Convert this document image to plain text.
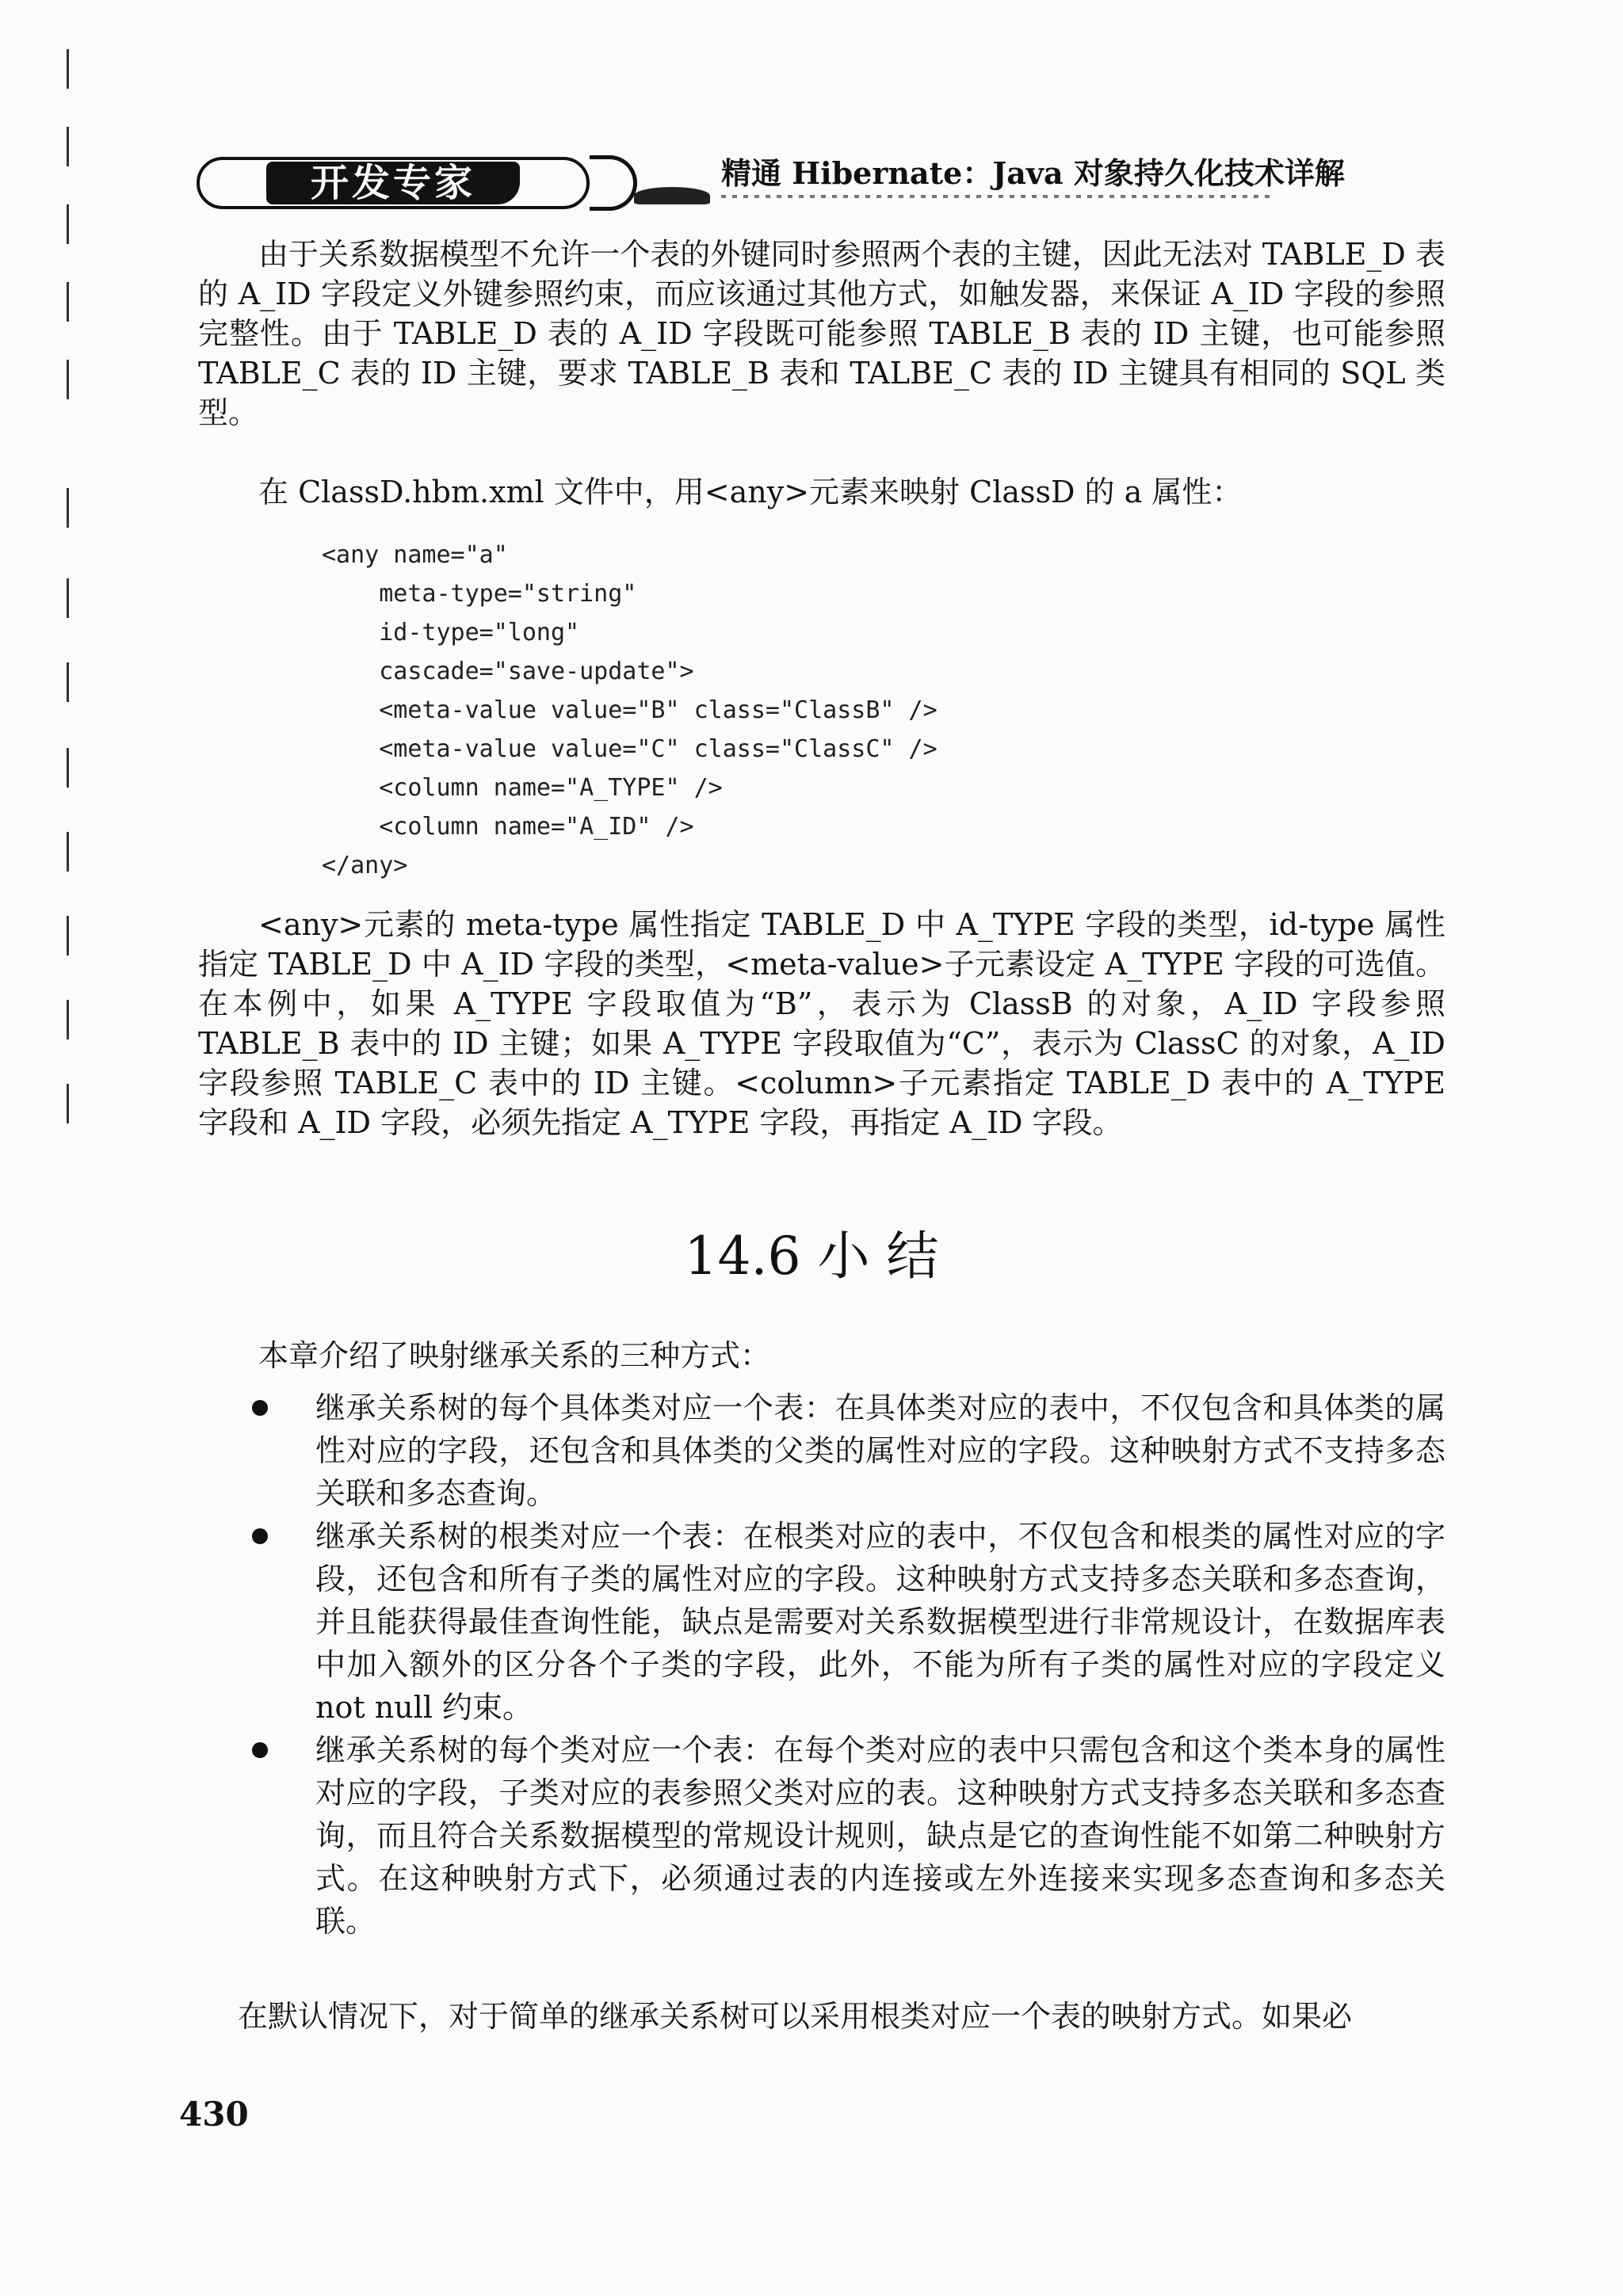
开发专家	精通 Hibernate：Java 对象持久化技术详解
由于关系数据模型不允许一个表的外键同时参照两个表的主键，因此无法对 TABLE_D 表的 A_ID 字段定义外键参照约束，而应该通过其他方式，如触发器，来保证 A_ID 字段的参照完整性。由于 TABLE_D 表的 A_ID 字段既可能参照 TABLE_B 表的 ID 主键，也可能参照 TABLE_C 表的 ID 主键，要求 TABLE_B 表和 TALBE_C 表的 ID 主键具有相同的 SQL 类型。
在 ClassD.hbm.xml 文件中，用<any>元素来映射 ClassD 的 a 属性：
<any name="a"
meta-type="string"
id-type="long"
cascade="save-update">
<meta-value value="B" class="ClassB" />
<meta-value value="C" class="ClassC" />
<column name="A_TYPE" />
<column name="A_ID" />
</any>
<any>元素的 meta-type 属性指定 TABLE_D 中 A_TYPE 字段的类型，id-type 属性指定 TABLE_D 中 A_ID 字段的类型，<meta-value>子元素设定 A_TYPE 字段的可选值。在本例中，如果 A_TYPE 字段取值为“B”，表示为 ClassB 的对象，A_ID 字段参照 TABLE_B 表中的 ID 主键；如果 A_TYPE 字段取值为“C”，表示为 ClassC 的对象，A_ID 字段参照 TABLE_C 表中的 ID 主键。<column>子元素指定 TABLE_D 表中的 A_TYPE 字段和 A_ID 字段，必须先指定 A_TYPE 字段，再指定 A_ID 字段。
14.6 小 结
本章介绍了映射继承关系的三种方式：
继承关系树的每个具体类对应一个表：在具体类对应的表中，不仅包含和具体类的属性对应的字段，还包含和具体类的父类的属性对应的字段。这种映射方式不支持多态关联和多态查询。
继承关系树的根类对应一个表：在根类对应的表中，不仅包含和根类的属性对应的字段，还包含和所有子类的属性对应的字段。这种映射方式支持多态关联和多态查询，并且能获得最佳查询性能，缺点是需要对关系数据模型进行非常规设计，在数据库表中加入额外的区分各个子类的字段，此外，不能为所有子类的属性对应的字段定义 not null 约束。
继承关系树的每个类对应一个表：在每个类对应的表中只需包含和这个类本身的属性对应的字段，子类对应的表参照父类对应的表。这种映射方式支持多态关联和多态查询，而且符合关系数据模型的常规设计规则，缺点是它的查询性能不如第二种映射方式。在这种映射方式下，必须通过表的内连接或左外连接来实现多态查询和多态关联。
在默认情况下，对于简单的继承关系树可以采用根类对应一个表的映射方式。如果必
430
